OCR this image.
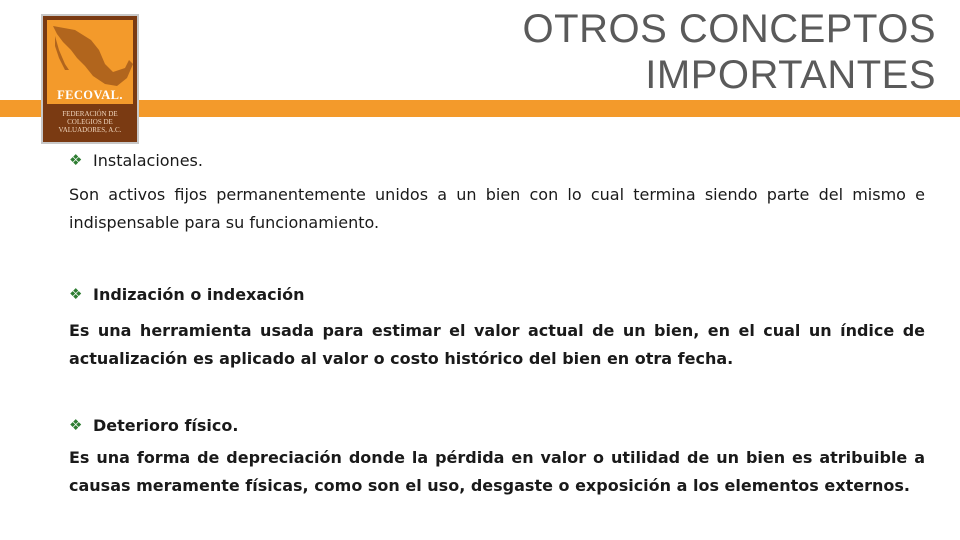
FECOVAL.
FEDERACIÓN DE COLEGIOS DE VALUADORES, A.C.
OTROS CONCEPTOS
IMPORTANTES
❖ Instalaciones.
Son activos fijos permanentemente unidos a un bien con lo cual termina siendo parte del mismo e indispensable para su funcionamiento.
❖ Indización o indexación
Es una herramienta usada para estimar el valor actual de un bien, en el cual un índice de actualización es aplicado al valor o costo histórico del bien en otra fecha.
❖ Deterioro físico.
Es una forma de depreciación donde la pérdida en valor o utilidad de un bien es atribuible a causas meramente físicas, como son el uso, desgaste o exposición a los elementos externos.
